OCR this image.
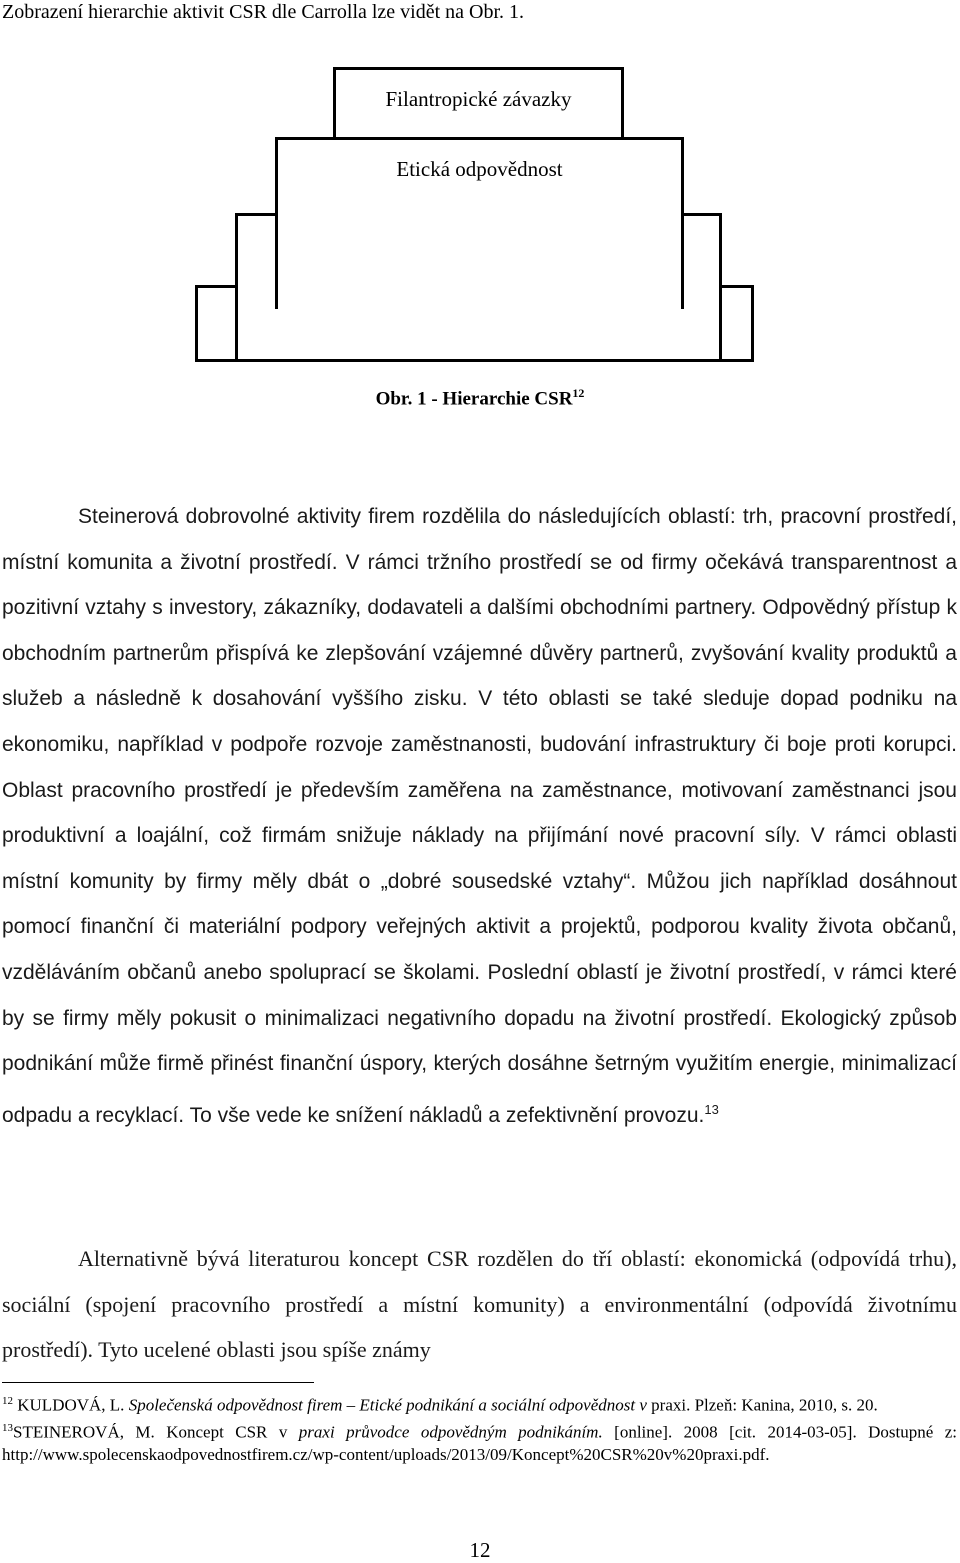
Zobrazení hierarchie aktivit CSR dle Carrolla lze vidět na Obr. 1.

Etická odpovědnost
Filantropické závazky

Obr. 1 - Hierarchie CSR$^{12}$

Steinerová dobrovolné aktivity firem rozdělila do následujících oblastí: trh, pracovní prostředí, místní komunita a životní prostředí. V rámci tržního prostředí se od firmy očekává transparentnost a pozitivní vztahy s investory, zákazníky, dodavateli a dalšími obchodními partnery. Odpovědný přístup k obchodním partnerům přispívá ke zlepšování vzájemné důvěry partnerů, zvyšování kvality produktů a služeb a následně k dosahování vyššího zisku. V této oblasti se také sleduje dopad podniku na ekonomiku, například v podpoře rozvoje zaměstnanosti, budování infrastruktury či boje proti korupci. Oblast pracovního prostředí je především zaměřena na zaměstnance, motivovaní zaměstnanci jsou produktivní a loajální, což firmám snižuje náklady na přijímání nové pracovní síly. V rámci oblasti místní komunity by firmy měly dbát o „dobré sousedské vztahy“. Můžou jich například dosáhnout pomocí finanční či materiální podpory veřejných aktivit a projektů, podporou kvality života občanů, vzděláváním občanů anebo spoluprací se školami. Poslední oblastí je životní prostředí, v rámci které by se firmy měly pokusit o minimalizaci negativního dopadu na životní prostředí. Ekologický způsob podnikání může firmě přinést finanční úspory, kterých dosáhne šetrným využitím energie, minimalizací odpadu a recyklací. To vše vede ke snížení nákladů a zefektivnění provozu.$^{13}$

Alternativně bývá literaturou koncept CSR rozdělen do tří oblastí: ekonomická (odpovídá trhu), sociální (spojení pracovního prostředí a místní komunity) a environmentální (odpovídá životnímu prostředí). Tyto ucelené oblasti jsou spíše známy

$^{12}$ KULDOVÁ, L. Společenská odpovědnost firem – Etické podnikání a sociální odpovědnost v praxi. Plzeň: Kanina, 2010, s. 20.

$^{13}$STEINEROVÁ, M. Koncept CSR v praxi průvodce odpovědným podnikáním. [online]. 2008 [cit. 2014-03-05]. Dostupné z: http://www.spolecenskaodpovednostfirem.cz/wp-content/uploads/2013/09/Koncept%20CSR%20v%20praxi.pdf.

12
